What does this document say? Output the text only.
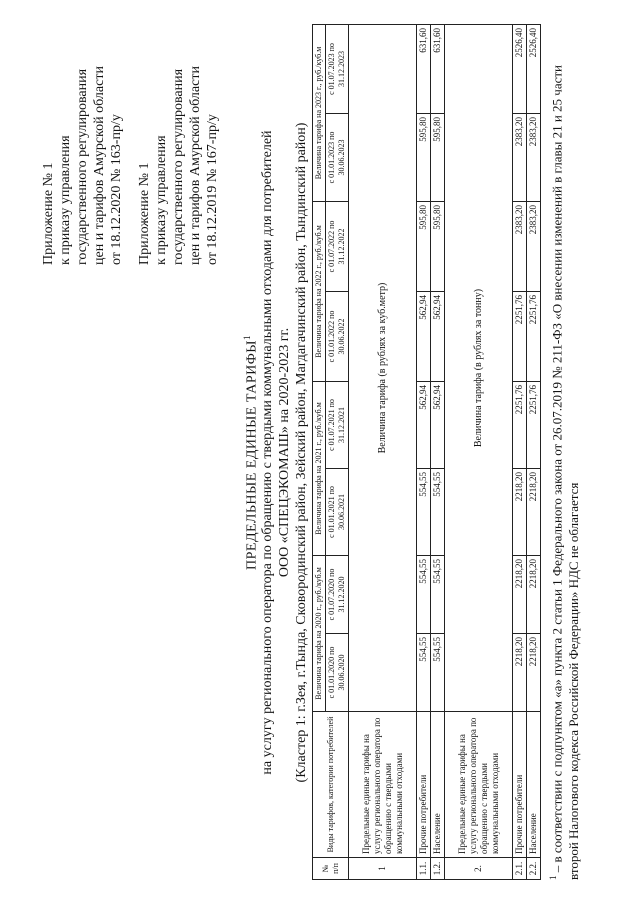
Приложение № 1 к приказу управления государственного регулирования цен и тарифов Амурской области от 18.12.2020 № 163-пр/у Приложение № 1 к приказу управления государственного регулирования цен и тарифов Амурской области от 18.12.2019 № 167-пр/у
ПРЕДЕЛЬНЫЕ ЕДИНЫЕ ТАРИФЫ$^1$ на услугу регионального оператора по обращению с твердыми коммунальными отходами для потребителей ООО «СПЕЦЭКОМАШ» на 2020-2023 гг. (Кластер 1: г.Зея, г.Тында, Сковородинский район, Зейский район, Магдагачинский район, Тындинский район)
№ п/п	Виды тарифов, категории потребителей	Величина тарифа на 2020 г., руб./куб.м		Величина тарифа на 2021 г., руб./куб.м		Величина тарифа на 2022 г., руб./куб.м		Величина тарифа на 2023 г., руб./куб.м	
		с 01.01.2020 по 30.06.2020	с 01.07.2020 по 31.12.2020	с 01.01.2021 по 30.06.2021	с 01.07.2021 по 31.12.2021	с 01.01.2022 по 30.06.2022	с 01.07.2022 по 31.12.2022	с 01.01.2023 по 30.06.2023	с 01.07.2023 по 31.12.2023
1	Предельные единые тарифы на услугу регионального оператора по обращению с твердыми коммунальными отходами	Величина тарифа (в рублях за куб.метр)							
1.1.	Прочие потребители	554,55	554,55	554,55	562,94	562,94	595,80	595,80	631,60
1.2.	Население	554,55	554,55	554,55	562,94	562,94	595,80	595,80	631,60
2.	Предельные единые тарифы на услугу регионального оператора по обращению с твердыми коммунальными отходами	Величина тарифа (в рублях за тонну)							
2.1.	Прочие потребители	2218,20	2218,20	2218,20	2251,76	2251,76	2383,20	2383,20	2526,40
2.2.	Население	2218,20	2218,20	2218,20	2251,76	2251,76	2383,20	2383,20	2526,40
$^1$ – в соответствии с подпунктом «а» пункта 2 статьи 1 Федерального закона от 26.07.2019 № 211-ФЗ «О внесении изменений в главы 21 и 25 части второй Налогового кодекса Российской Федерации» НДС не облагается
